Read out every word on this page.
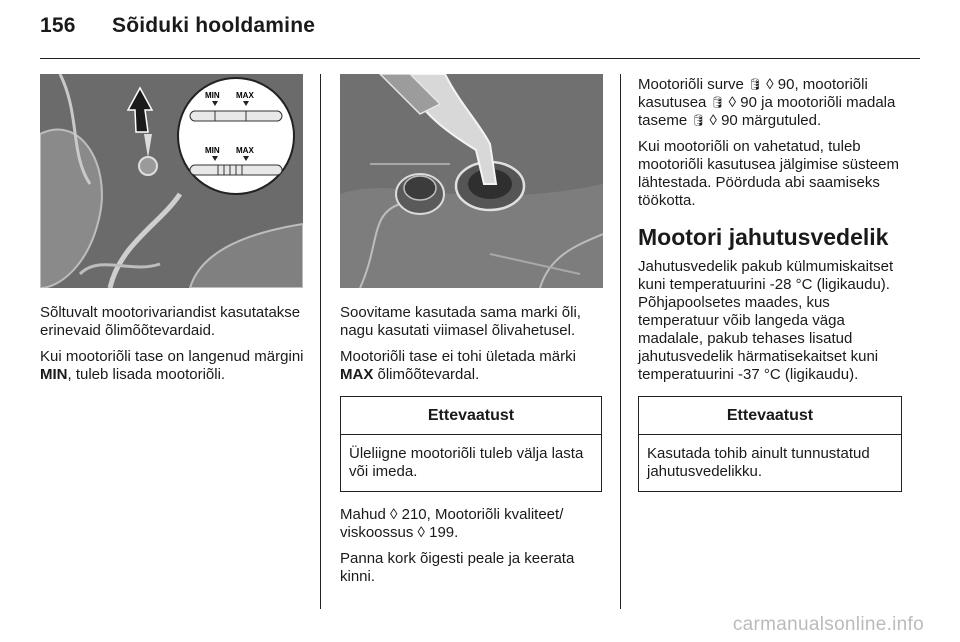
156 Sõiduki hooldamine
MIN MAX
MIN MAX

Sõltuvalt mootorivariandist kasutatakse erinevaid õlimõõtevardaid.

Kui mootoriõli tase on langenud märgini MIN, tuleb lisada mootoriõli.

Soovitame kasutada sama marki õli, nagu kasutati viimasel õlivahetusel.

Mootoriõli tase ei tohi ületada märki MAX õlimõõtevardal.

Ettevaatust
Üleliigne mootoriõli tuleb välja lasta või imeda.

Mahud ◊ 210, Mootoriõli kvaliteet/ viskoossus ◊ 199.

Panna kork õigesti peale ja keerata kinni.

Mootoriõli surve 🛢 ◊ 90, mootoriõli kasutusea 🛢 ◊ 90 ja mootoriõli madala taseme 🛢 ◊ 90 märgutuled.

Kui mootoriõli on vahetatud, tuleb mootoriõli kasutusea jälgimise süsteem lähtestada. Pöörduda abi saamiseks töökotta.

Mootori jahutusvedelik

Jahutusvedelik pakub külmumiskaitset kuni temperatuurini -28 °C (ligikaudu). Põhjapoolsetes maades, kus temperatuur võib langeda väga madalale, pakub tehases lisatud jahutusvedelik härmatisekaitset kuni temperatuurini -37 °C (ligikaudu).

Ettevaatust
Kasutada tohib ainult tunnustatud jahutusvedelikku.
carmanualsonline.info
